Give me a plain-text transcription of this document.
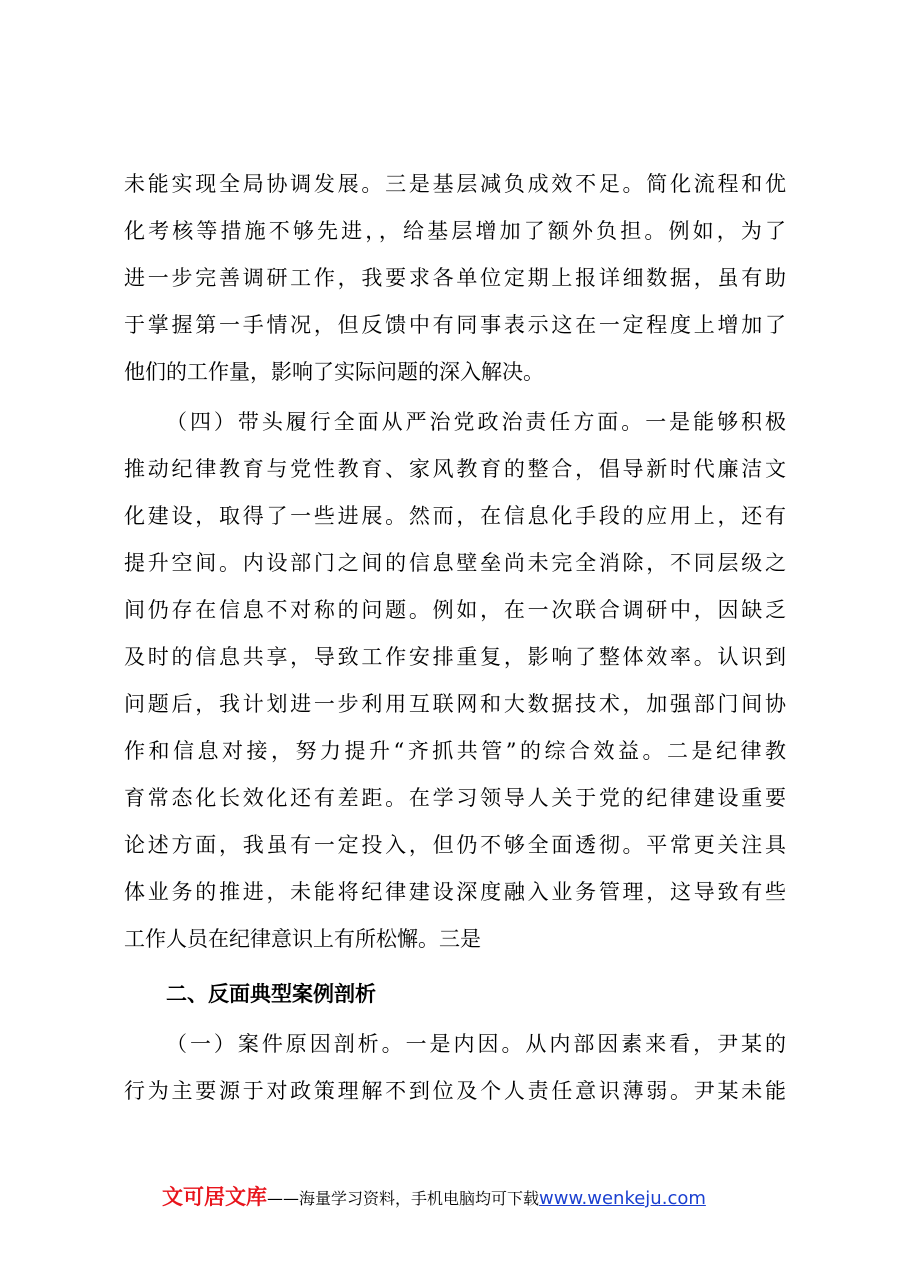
未能实现全局协调发展。三是基层减负成效不足。简化流程和优
化考核等措施不够先进，，给基层增加了额外负担。例如，为了
进一步完善调研工作，我要求各单位定期上报详细数据，虽有助
于掌握第一手情况，但反馈中有同事表示这在一定程度上增加了
他们的工作量，影响了实际问题的深入解决。
（四）带头履行全面从严治党政治责任方面。一是能够积极
推动纪律教育与党性教育、家风教育的整合，倡导新时代廉洁文
化建设，取得了一些进展。然而，在信息化手段的应用上，还有
提升空间。内设部门之间的信息壁垒尚未完全消除，不同层级之
间仍存在信息不对称的问题。例如，在一次联合调研中，因缺乏
及时的信息共享，导致工作安排重复，影响了整体效率。认识到
问题后，我计划进一步利用互联网和大数据技术，加强部门间协
作和信息对接，努力提升“齐抓共管”的综合效益。二是纪律教
育常态化长效化还有差距。在学习领导人关于党的纪律建设重要
论述方面，我虽有一定投入，但仍不够全面透彻。平常更关注具
体业务的推进，未能将纪律建设深度融入业务管理，这导致有些
工作人员在纪律意识上有所松懈。三是
二、反面典型案例剖析
（一）案件原因剖析。一是内因。从内部因素来看，尹某的
行为主要源于对政策理解不到位及个人责任意识薄弱。尹某未能
文可居文库——海量学习资料，手机电脑均可下载www.wenkeju.com
